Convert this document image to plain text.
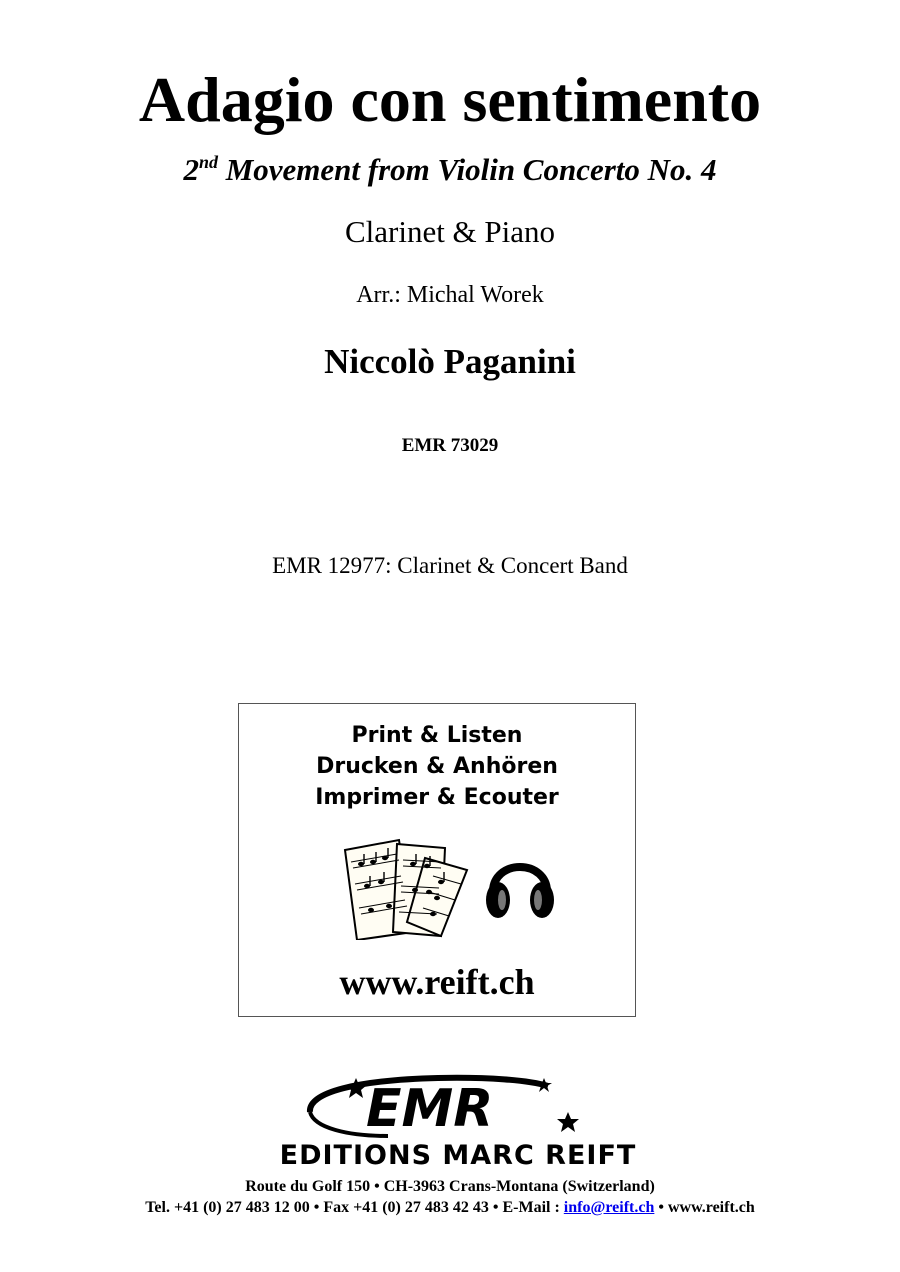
Adagio con sentimento
2nd Movement from Violin Concerto No. 4
Clarinet & Piano
Arr.: Michal Worek
Niccolò Paganini
EMR 73029
EMR 12977: Clarinet & Concert Band
Print & Listen
Drucken & Anhören
Imprimer & Ecouter
www.reift.ch
EMR
EDITIONS MARC REIFT
Route du Golf 150 • CH-3963 Crans-Montana (Switzerland)
Tel. +41 (0) 27 483 12 00 • Fax +41 (0) 27 483 42 43 • E-Mail : info@reift.ch • www.reift.ch
